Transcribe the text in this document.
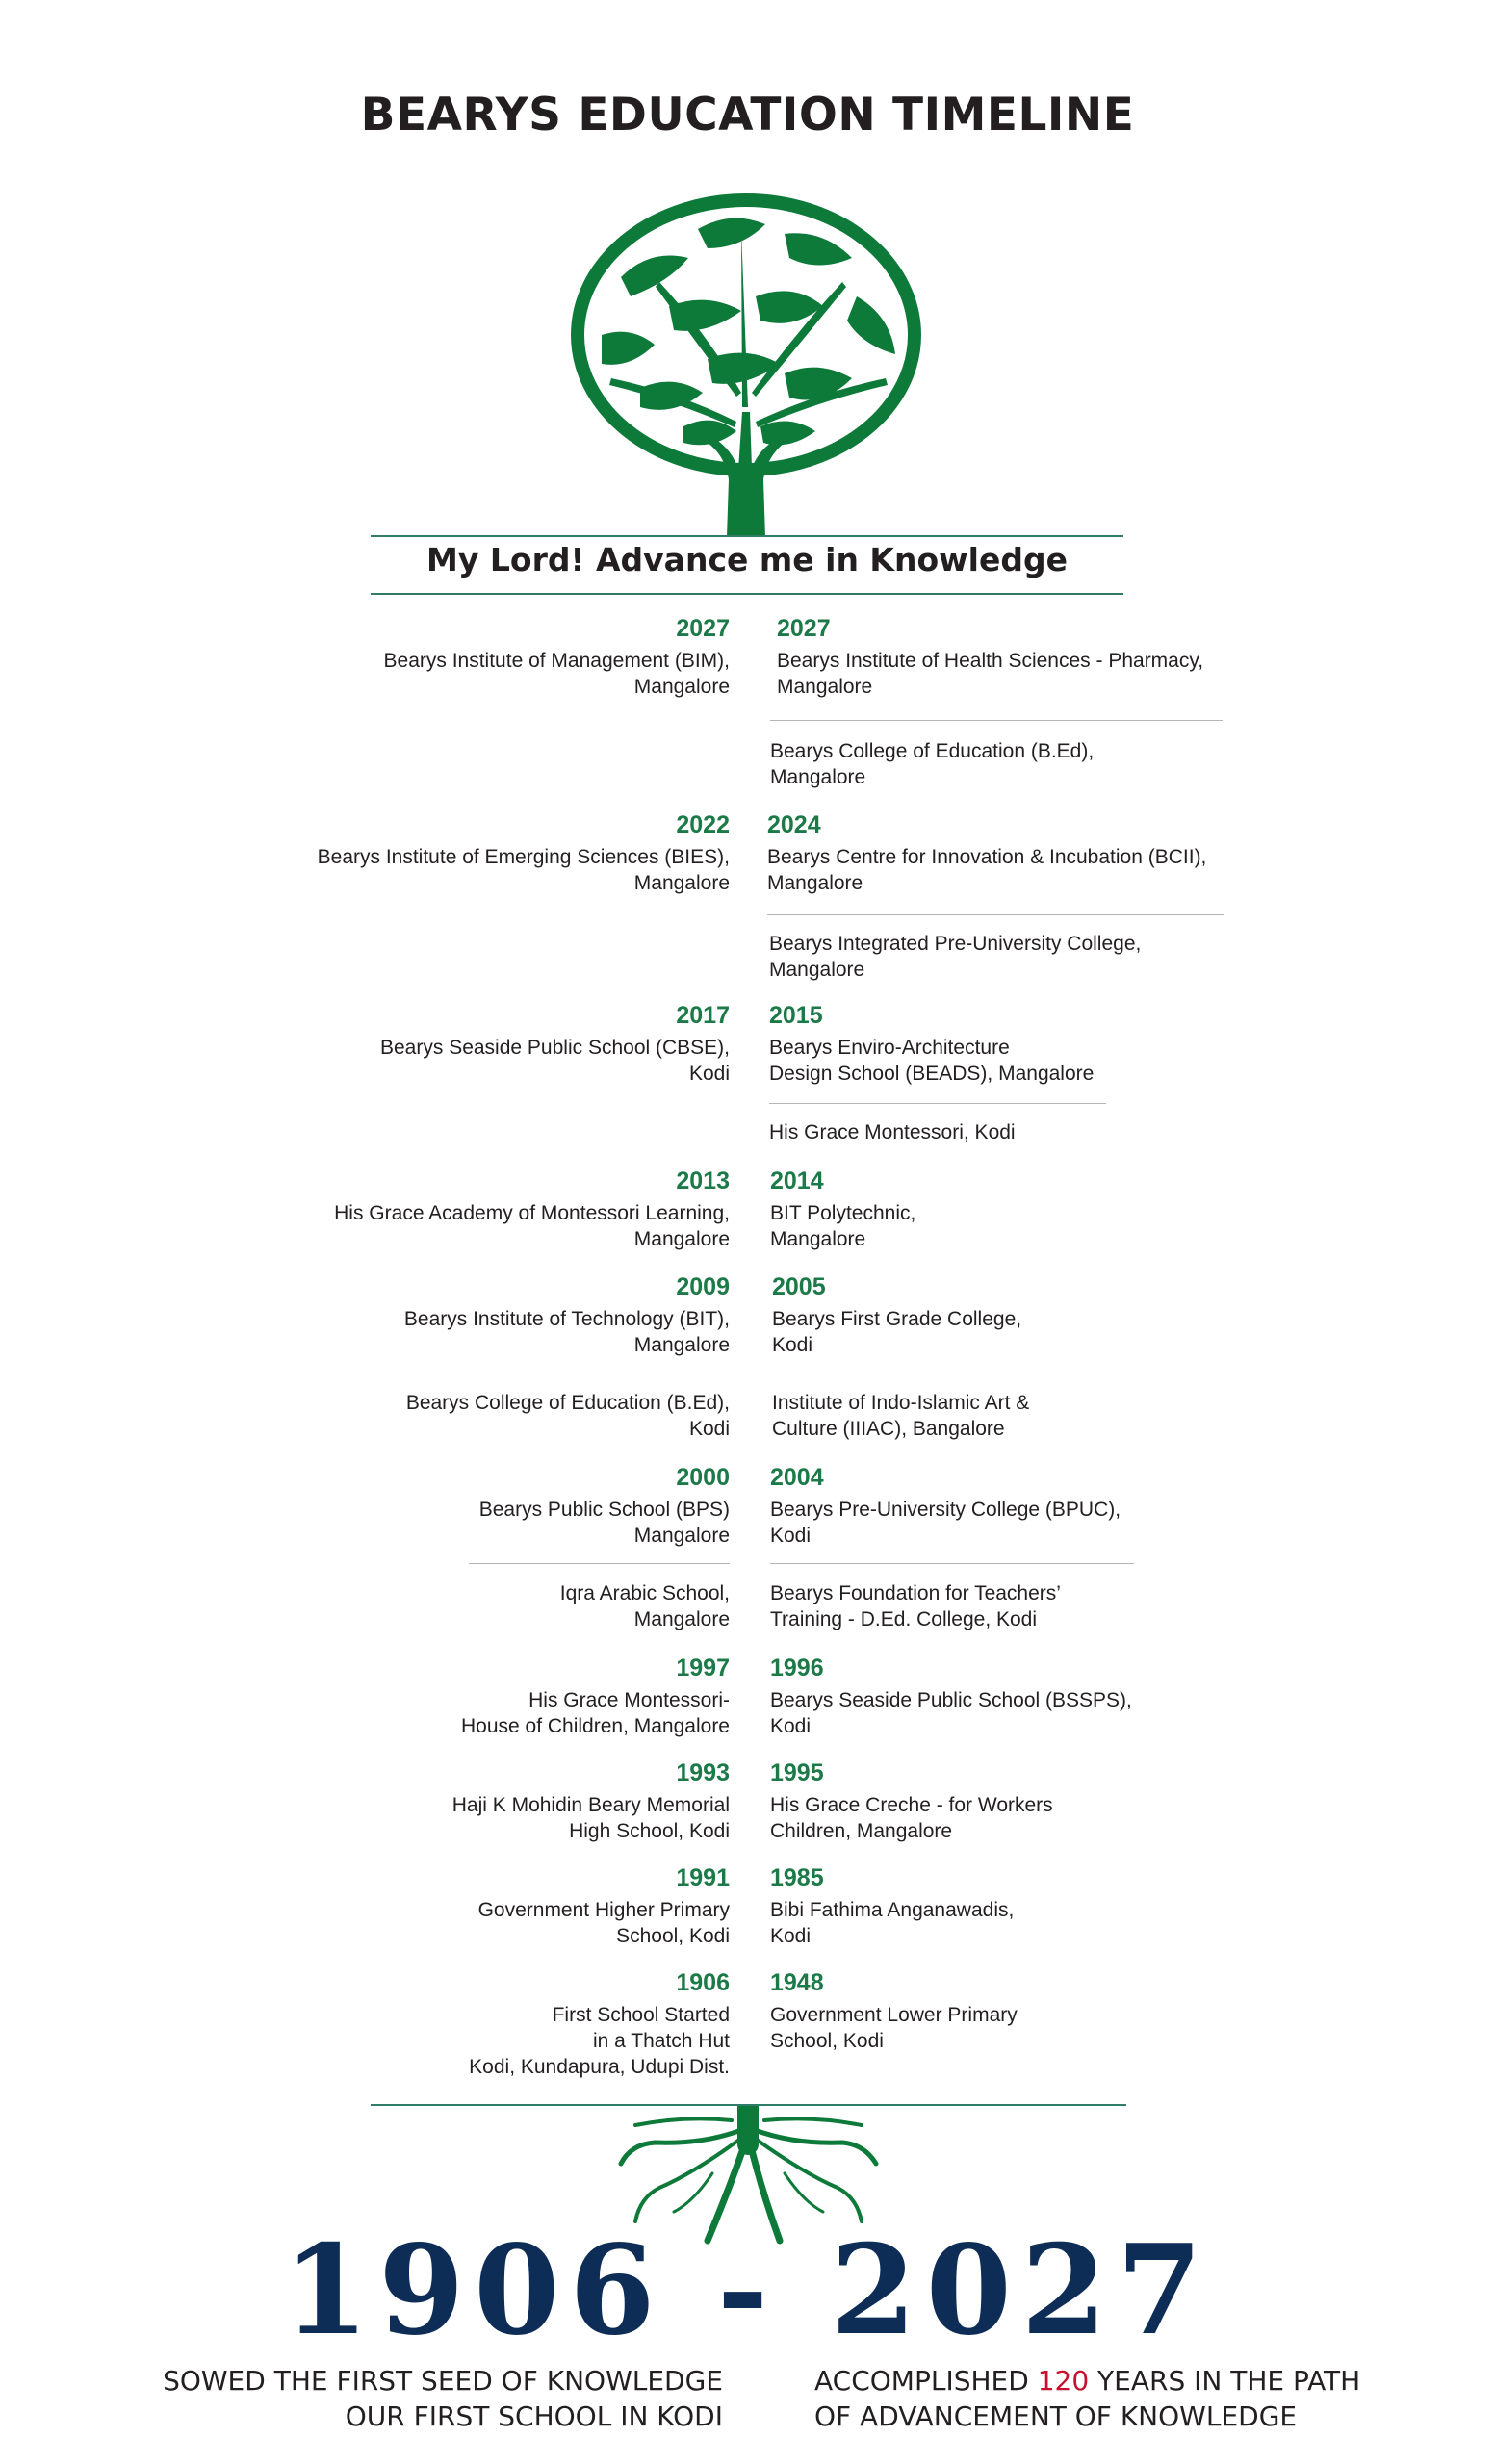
BEARYS EDUCATION TIMELINE
My Lord! Advance me in Knowledge
2027
Bearys Institute of Management (BIM),
Mangalore
2022
Bearys Institute of Emerging Sciences (BIES),
Mangalore
2017
Bearys Seaside Public School (CBSE),
Kodi
2013
His Grace Academy of Montessori Learning,
Mangalore
2009
Bearys Institute of Technology (BIT),
Mangalore
Bearys College of Education (B.Ed),
Kodi
2000
Bearys Public School (BPS)
Mangalore
Iqra Arabic School,
Mangalore
1997
His Grace Montessori-
House of Children, Mangalore
1993
Haji K Mohidin Beary Memorial
High School, Kodi
1991
Government Higher Primary
School, Kodi
1906
First School Started
in a Thatch Hut
Kodi, Kundapura, Udupi Dist.
2027
Bearys Institute of Health Sciences - Pharmacy,
Mangalore
Bearys College of Education (B.Ed),
Mangalore
2024
Bearys Centre for Innovation & Incubation (BCII),
Mangalore
Bearys Integrated Pre-University College,
Mangalore
2015
Bearys Enviro-Architecture
Design School (BEADS), Mangalore
His Grace Montessori, Kodi
2014
BIT Polytechnic,
Mangalore
2005
Bearys First Grade College,
Kodi
Institute of Indo-Islamic Art &
Culture (IIIAC), Bangalore
2004
Bearys Pre-University College (BPUC),
Kodi
Bearys Foundation for Teachers’
Training - D.Ed. College, Kodi
1996
Bearys Seaside Public School (BSSPS),
Kodi
1995
His Grace Creche - for Workers
Children, Mangalore
1985
Bibi Fathima Anganawadis,
Kodi
1948
Government Lower Primary
School, Kodi
1906 - 2027
SOWED THE FIRST SEED OF KNOWLEDGE
OUR FIRST SCHOOL IN KODI
ACCOMPLISHED 120 YEARS IN THE PATH
OF ADVANCEMENT OF KNOWLEDGE
